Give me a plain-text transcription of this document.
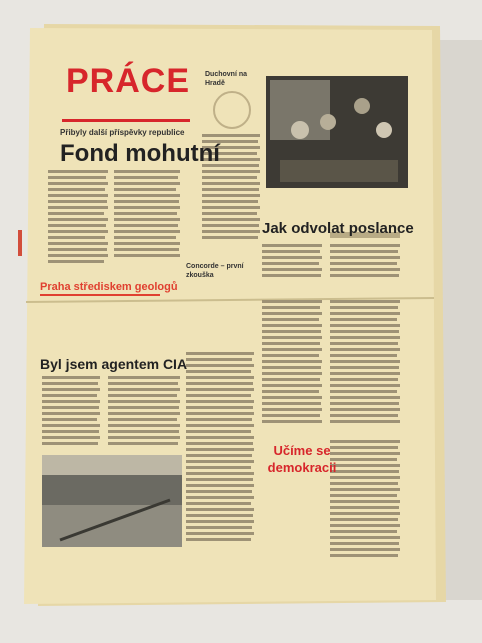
PRÁCE
Přibyly další příspěvky republice
Fond mohutní
Praha střediskem geologů
Byl jsem agentem CIA
Duchovní na Hradě
Jak odvolat poslance
Concorde – první zkouška
Učíme se demokracii
